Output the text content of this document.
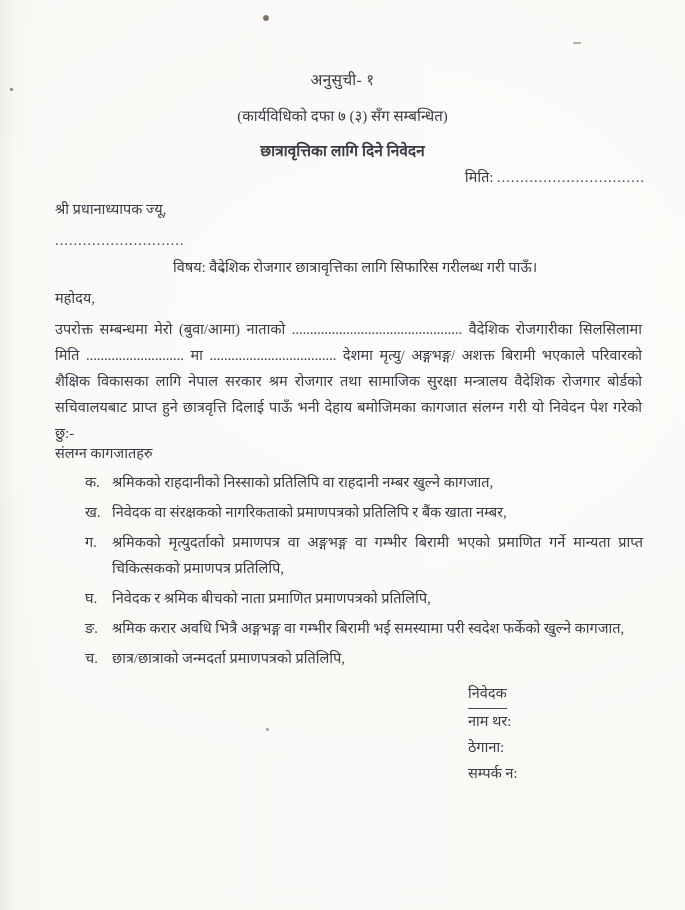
अनुसुची- १
(कार्यविधिको दफा ७ (३) सँग सम्बन्धित)
छात्रावृत्तिका लागि दिने निवेदन
मिति: ................................
श्री प्रधानाध्यापक ज्यू,
............................
विषय: वैदेशिक रोजगार छात्रावृत्तिका लागि सिफारिस गरीलब्ध गरी पाऊँ।
महोदय,
उपरोक्त सम्बन्धमा मेरो (बुवा/आमा) नाताको ............................................... वैदेशिक रोजगारीका सिलसिलामा मिति ........................... मा ................................... देशमा मृत्यु/ अङ्गभङ्ग/ अशक्त बिरामी भएकाले परिवारको शैक्षिक विकासका लागि नेपाल सरकार श्रम रोजगार तथा सामाजिक सुरक्षा मन्त्रालय वैदेशिक रोजगार बोर्डको सचिवालयबाट प्राप्त हुने छात्रवृत्ति दिलाई पाऊँ भनी देहाय बमोजिमका कागजात संलग्न गरी यो निवेदन पेश गरेको छु:-
संलग्न कागजातहरु
क. श्रमिकको राहदानीको निस्साको प्रतिलिपि वा राहदानी नम्बर खुल्ने कागजात,
ख. निवेदक वा संरक्षकको नागरिकताको प्रमाणपत्रको प्रतिलिपि र बैंक खाता नम्बर,
ग.	श्रमिकको मृत्युदर्ताको प्रमाणपत्र वा अङ्गभङ्ग वा गम्भीर बिरामी भएको प्रमाणित गर्ने मान्यता प्राप्त चिकित्सकको प्रमाणपत्र प्रतिलिपि,
घ.	निवेदक र श्रमिक बीचको नाता प्रमाणित प्रमाणपत्रको प्रतिलिपि,
ङ. श्रमिक करार अवधि भित्रै अङ्गभङ्ग वा गम्भीर बिरामी भई समस्यामा परी स्वदेश फर्केको खुल्ने कागजात,
च. छात्र/छात्राको जन्मदर्ता प्रमाणपत्रको प्रतिलिपि,
निवेदक
नाम थर:
ठेगाना:
सम्पर्क न:
